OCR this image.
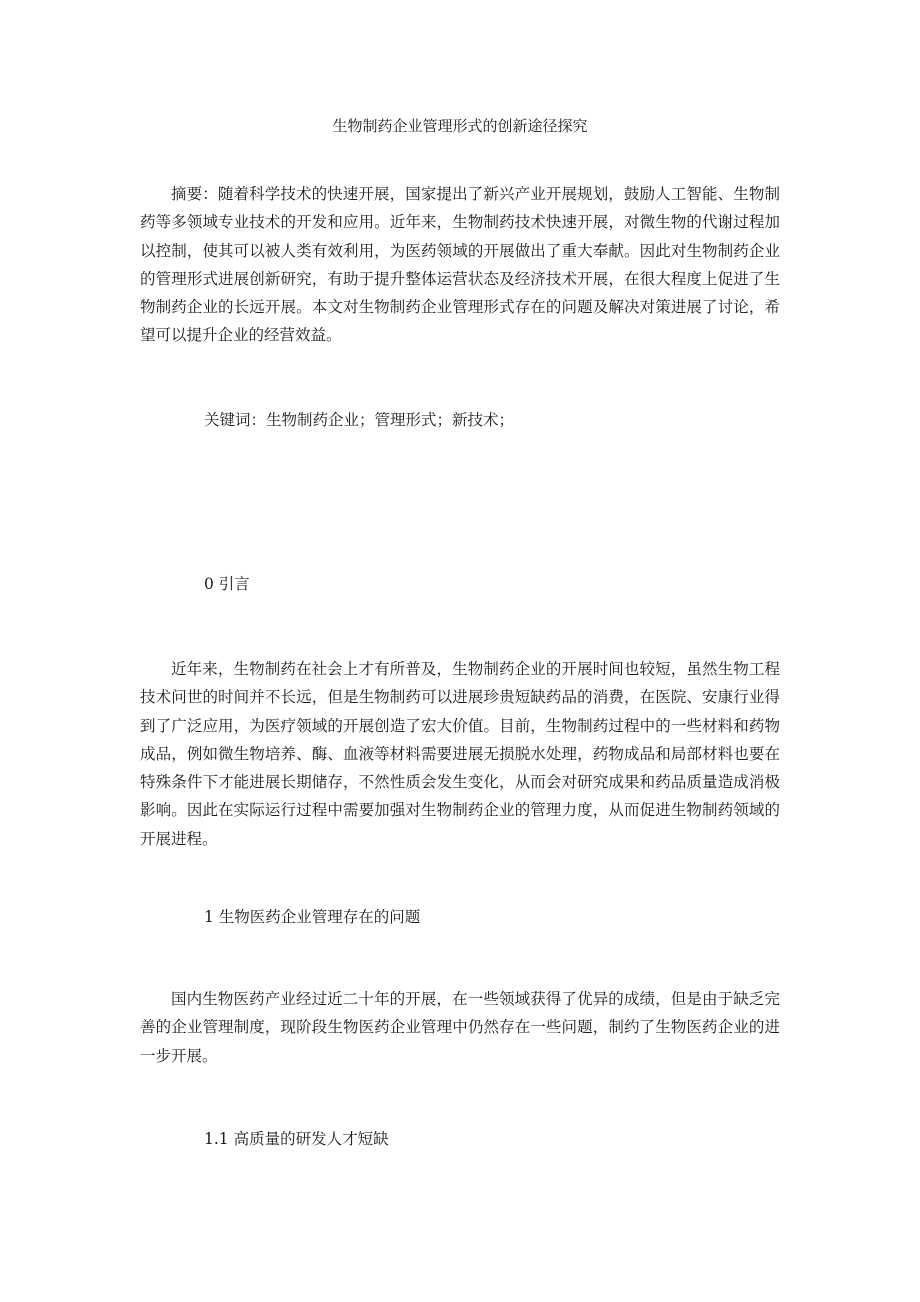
生物制药企业管理形式的创新途径探究

摘要：随着科学技术的快速开展，国家提出了新兴产业开展规划，鼓励人工智能、生物制药等多领域专业技术的开发和应用。近年来，生物制药技术快速开展，对微生物的代谢过程加以控制，使其可以被人类有效利用，为医药领域的开展做出了重大奉献。因此对生物制药企业的管理形式进展创新研究，有助于提升整体运营状态及经济技术开展，在很大程度上促进了生物制药企业的长远开展。本文对生物制药企业管理形式存在的问题及解决对策进展了讨论，希望可以提升企业的经营效益。

关键词：生物制药企业；管理形式；新技术；

0 引言

近年来，生物制药在社会上才有所普及，生物制药企业的开展时间也较短，虽然生物工程技术问世的时间并不长远，但是生物制药可以进展珍贵短缺药品的消费，在医院、安康行业得到了广泛应用，为医疗领域的开展创造了宏大价值。目前，生物制药过程中的一些材料和药物成品，例如微生物培养、酶、血液等材料需要进展无损脱水处理，药物成品和局部材料也要在特殊条件下才能进展长期储存，不然性质会发生变化，从而会对研究成果和药品质量造成消极影响。因此在实际运行过程中需要加强对生物制药企业的管理力度，从而促进生物制药领域的开展进程。

1 生物医药企业管理存在的问题

国内生物医药产业经过近二十年的开展，在一些领域获得了优异的成绩，但是由于缺乏完善的企业管理制度，现阶段生物医药企业管理中仍然存在一些问题，制约了生物医药企业的进一步开展。

1.1 高质量的研发人才短缺
